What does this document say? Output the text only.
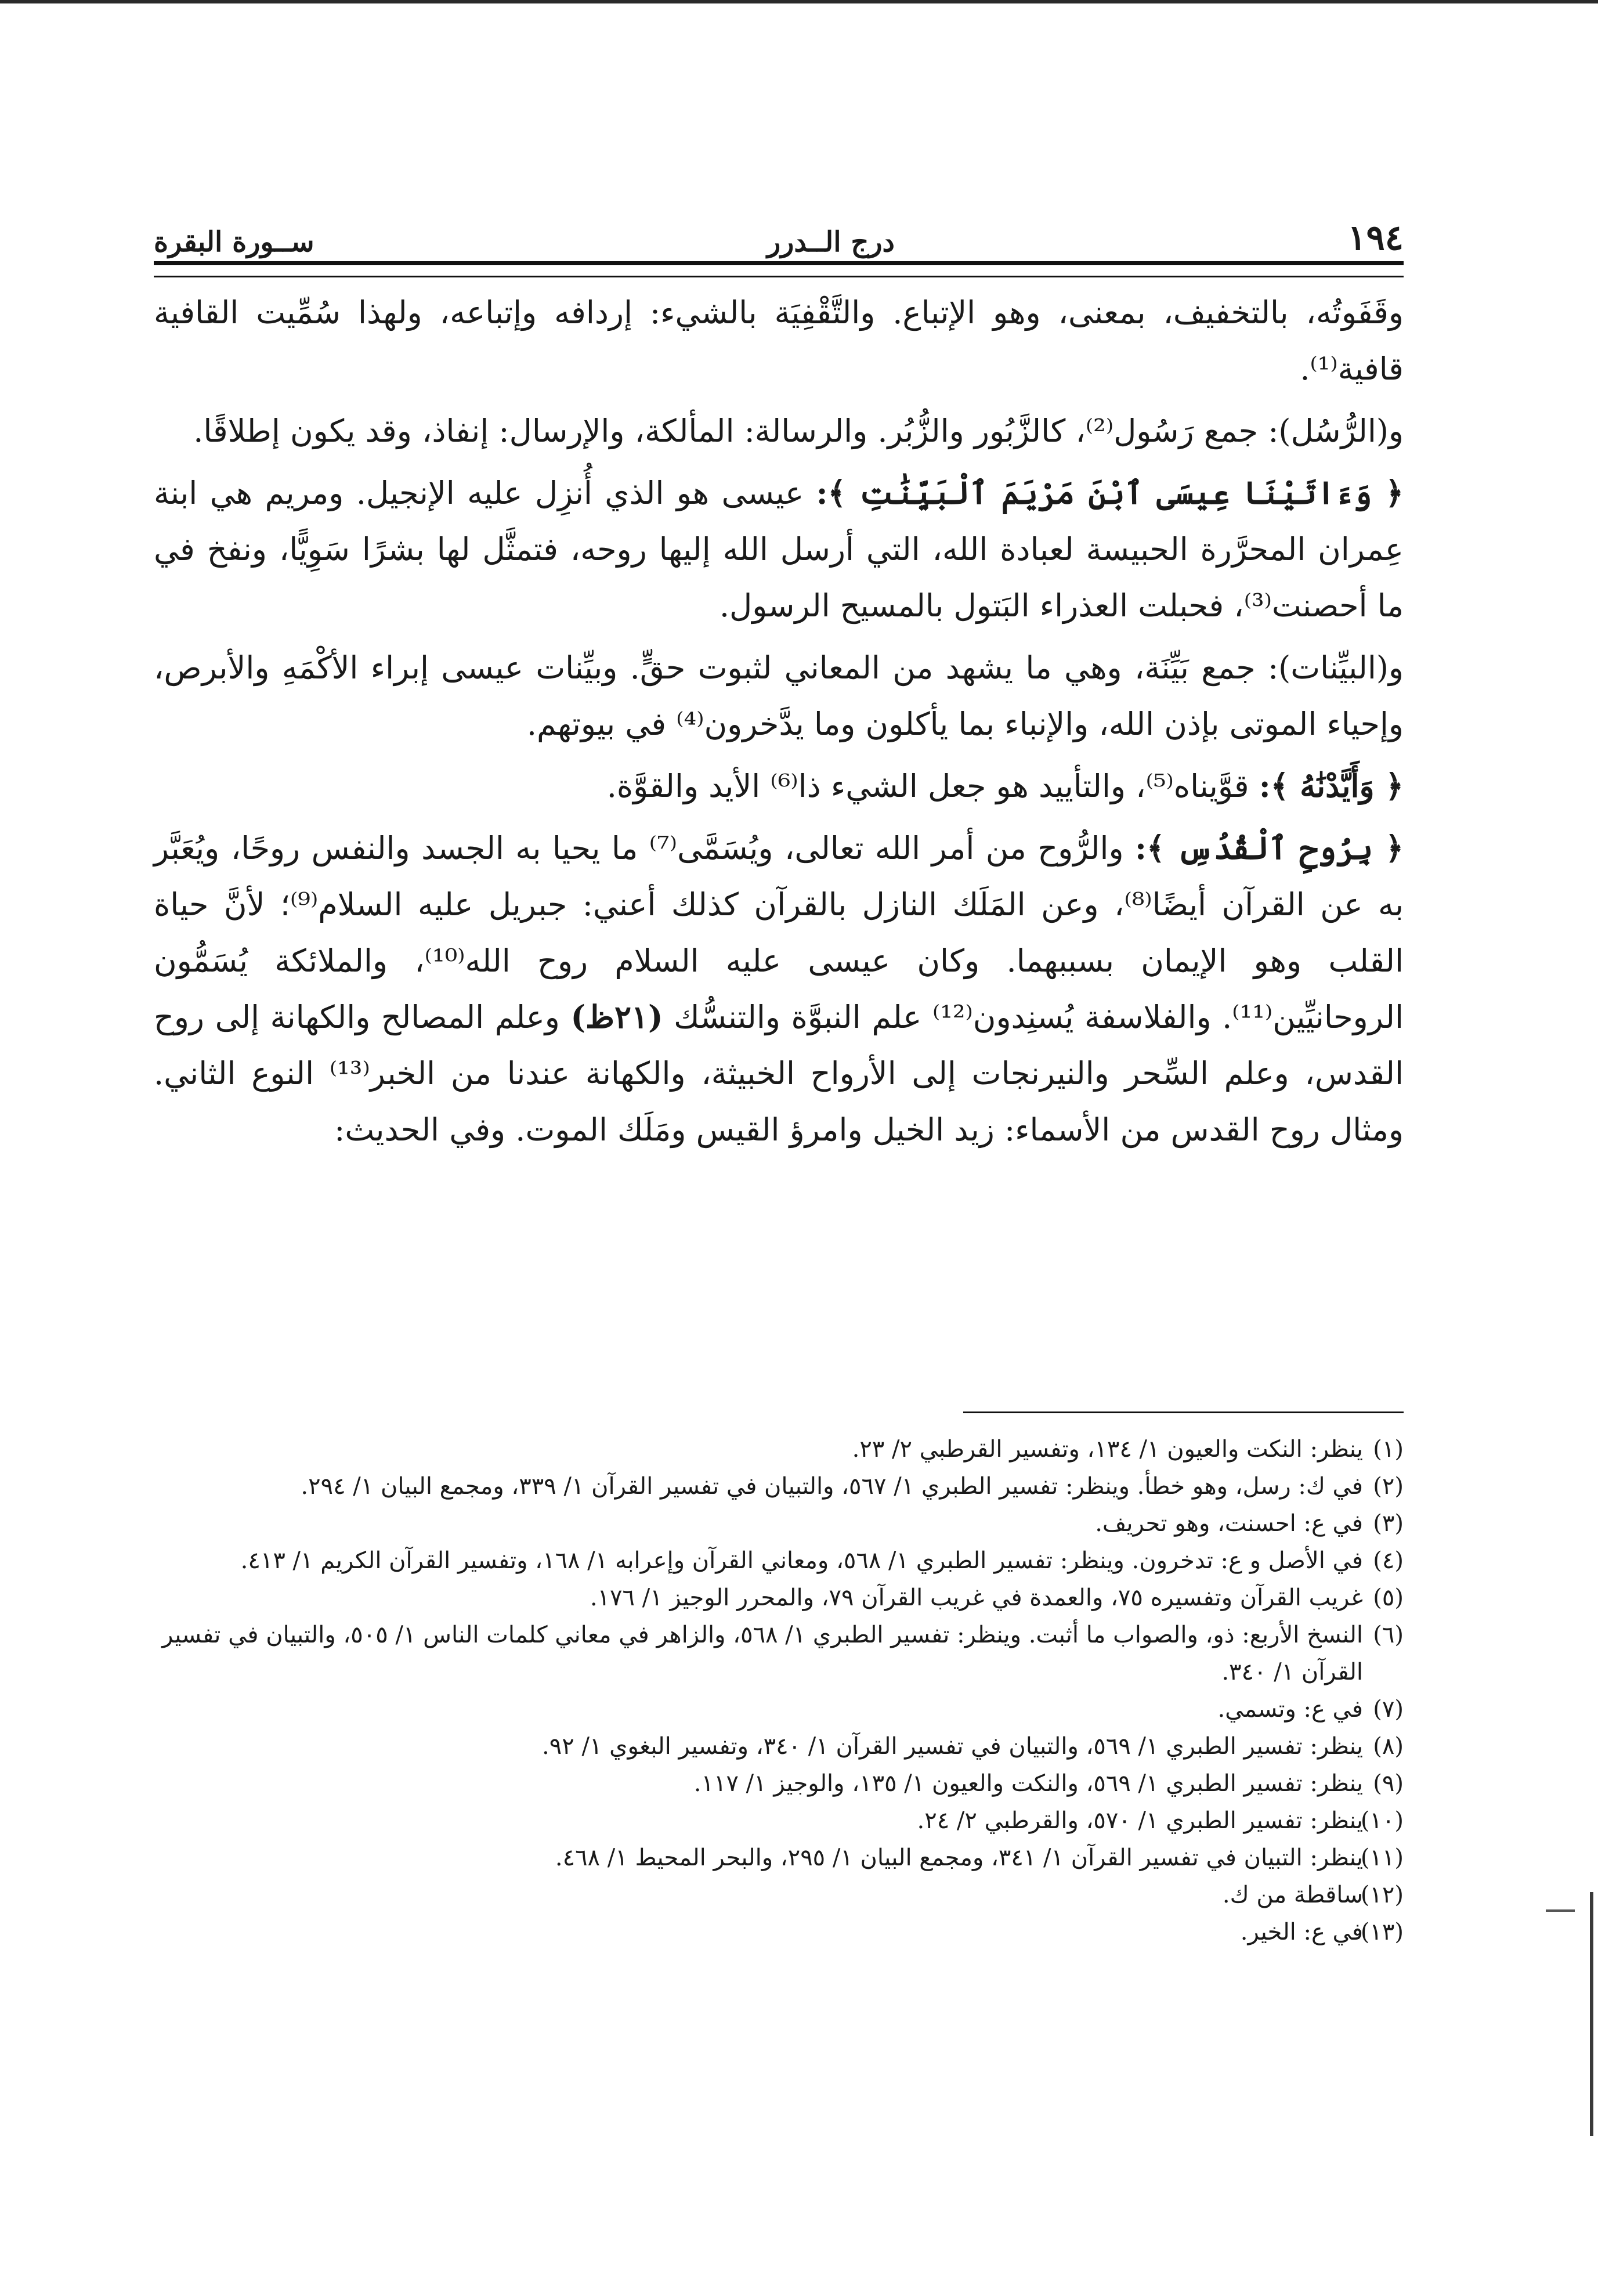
١٩٤
درج الــدرر
ســورة البقرة

وقَفَوتُه، بالتخفيف، بمعنى، وهو الإتباع. والتَّقْفِيَة بالشيء: إردافه وإتباعه، ولهذا سُمِّيت القافية قافية⁽¹⁾.

و(الرُّسُل): جمع رَسُول⁽²⁾، كالزَّبُور والزُّبُر. والرسالة: المألكة، والإرسال: إنفاذ، وقد يكون إطلاقًا.

﴿ وَءَاتَيْنَا عِيسَى ٱبْنَ مَرْيَمَ ٱلْبَيِّنَٰتِ ﴾: عيسى هو الذي أُنزِل عليه الإنجيل. ومريم هي ابنة عِمران المحرَّرة الحبيسة لعبادة الله، التي أرسل الله إليها روحه، فتمثَّل لها بشرًا سَوِيًّا، ونفخ في ما أحصنت⁽³⁾، فحبلت العذراء البَتول بالمسيح الرسول.

و(البيِّنات): جمع بَيِّنَة، وهي ما يشهد من المعاني لثبوت حقٍّ. وبيِّنات عيسى إبراء الأكْمَهِ والأبرص، وإحياء الموتى بإذن الله، والإنباء بما يأكلون وما يدَّخرون⁽⁴⁾ في بيوتهم.

﴿ وَأَيَّدْنَٰهُ ﴾: قوَّيناه⁽⁵⁾، والتأييد هو جعل الشيء ذا⁽⁶⁾ الأيد والقوَّة.

﴿ بِرُوحِ ٱلْقُدُسِ ﴾: والرُّوح من أمر الله تعالى، ويُسَمَّى⁽⁷⁾ ما يحيا به الجسد والنفس روحًا، ويُعَبَّر به عن القرآن أيضًا⁽⁸⁾، وعن المَلَك النازل بالقرآن كذلك أعني: جبريل عليه السلام⁽⁹⁾؛ لأنَّ حياة القلب وهو الإيمان بسببهما. وكان عيسى عليه السلام روح الله⁽¹⁰⁾، والملائكة يُسَمُّون الروحانيِّين⁽¹¹⁾. والفلاسفة يُسنِدون⁽¹²⁾ علم النبوَّة والتنسُّك (٢١ظ) وعلم المصالح والكهانة إلى روح القدس، وعلم السِّحر والنيرنجات إلى الأرواح الخبيثة، والكهانة عندنا من الخبر⁽¹³⁾ النوع الثاني. ومثال روح القدس من الأسماء: زيد الخيل وامرؤ القيس ومَلَك الموت. وفي الحديث:

(١)
ينظر: النكت والعيون ١/ ١٣٤، وتفسير القرطبي ٢/ ٢٣.

(٢)
في ك: رسل، وهو خطأ. وينظر: تفسير الطبري ١/ ٥٦٧، والتبيان في تفسير القرآن ١/ ٣٣٩، ومجمع البيان ١/ ٢٩٤.

(٣)
في ع: احسنت، وهو تحريف.

(٤)
في الأصل و ع: تدخرون. وينظر: تفسير الطبري ١/ ٥٦٨، ومعاني القرآن وإعرابه ١/ ١٦٨، وتفسير القرآن الكريم ١/ ٤١٣.

(٥)
غريب القرآن وتفسيره ٧٥، والعمدة في غريب القرآن ٧٩، والمحرر الوجيز ١/ ١٧٦.

(٦)
النسخ الأربع: ذو، والصواب ما أثبت. وينظر: تفسير الطبري ١/ ٥٦٨، والزاهر في معاني كلمات الناس ١/ ٥٠٥، والتبيان في تفسير القرآن ١/ ٣٤٠.

(٧)
في ع: وتسمي.

(٨)
ينظر: تفسير الطبري ١/ ٥٦٩، والتبيان في تفسير القرآن ١/ ٣٤٠، وتفسير البغوي ١/ ٩٢.

(٩)
ينظر: تفسير الطبري ١/ ٥٦٩، والنكت والعيون ١/ ١٣٥، والوجيز ١/ ١١٧.

(١٠)
ينظر: تفسير الطبري ١/ ٥٧٠، والقرطبي ٢/ ٢٤.

(١١)
ينظر: التبيان في تفسير القرآن ١/ ٣٤١، ومجمع البيان ١/ ٢٩٥، والبحر المحيط ١/ ٤٦٨.

(١٢)
ساقطة من ك.

(١٣)
في ع: الخير.
